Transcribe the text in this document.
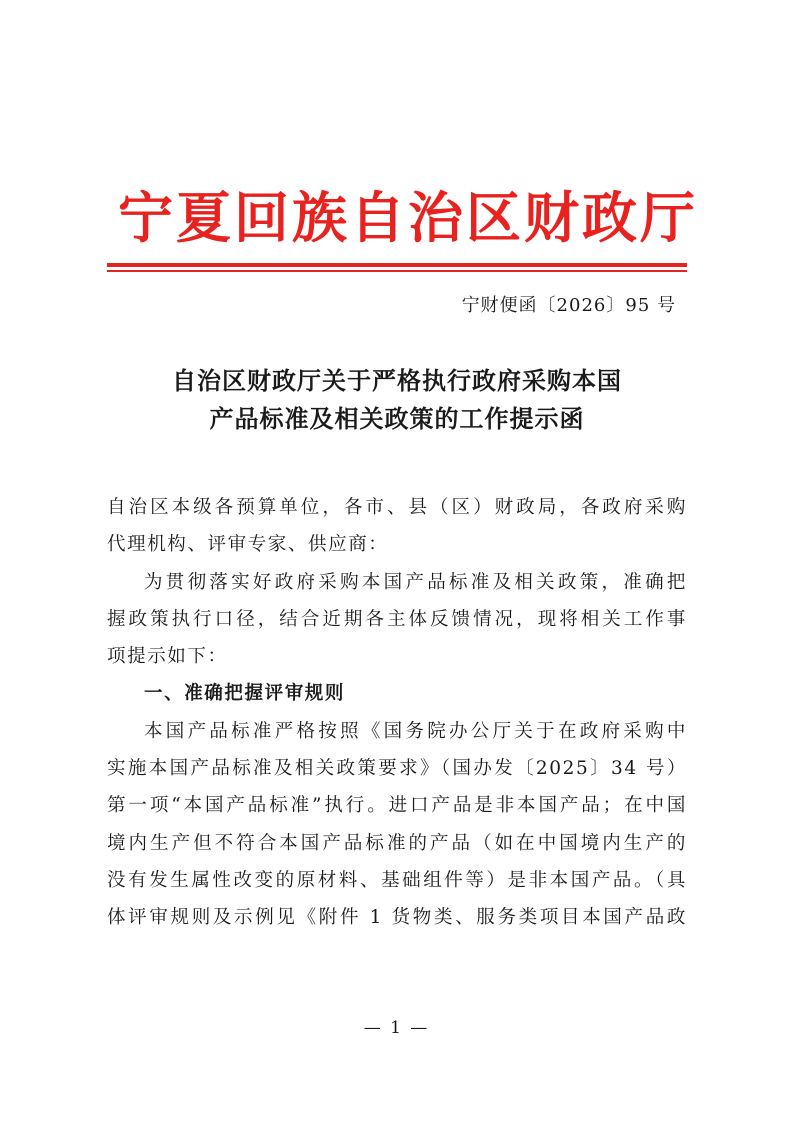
宁夏回族自治区财政厅
宁财便函〔2026〕95 号
自治区财政厅关于严格执行政府采购本国
产品标准及相关政策的工作提示函
自治区本级各预算单位，各市、县（区）财政局，各政府采购
代理机构、评审专家、供应商：
为贯彻落实好政府采购本国产品标准及相关政策，准确把
握政策执行口径，结合近期各主体反馈情况，现将相关工作事
项提示如下：
一、准确把握评审规则
本国产品标准严格按照《国务院办公厅关于在政府采购中
实施本国产品标准及相关政策要求》（国办发〔2025〕34 号）
第一项“本国产品标准”执行。进口产品是非本国产品；在中国
境内生产但不符合本国产品标准的产品（如在中国境内生产的
没有发生属性改变的原材料、基础组件等）是非本国产品。（具
体评审规则及示例见《附件 1 货物类、服务类项目本国产品政
— 1 —
